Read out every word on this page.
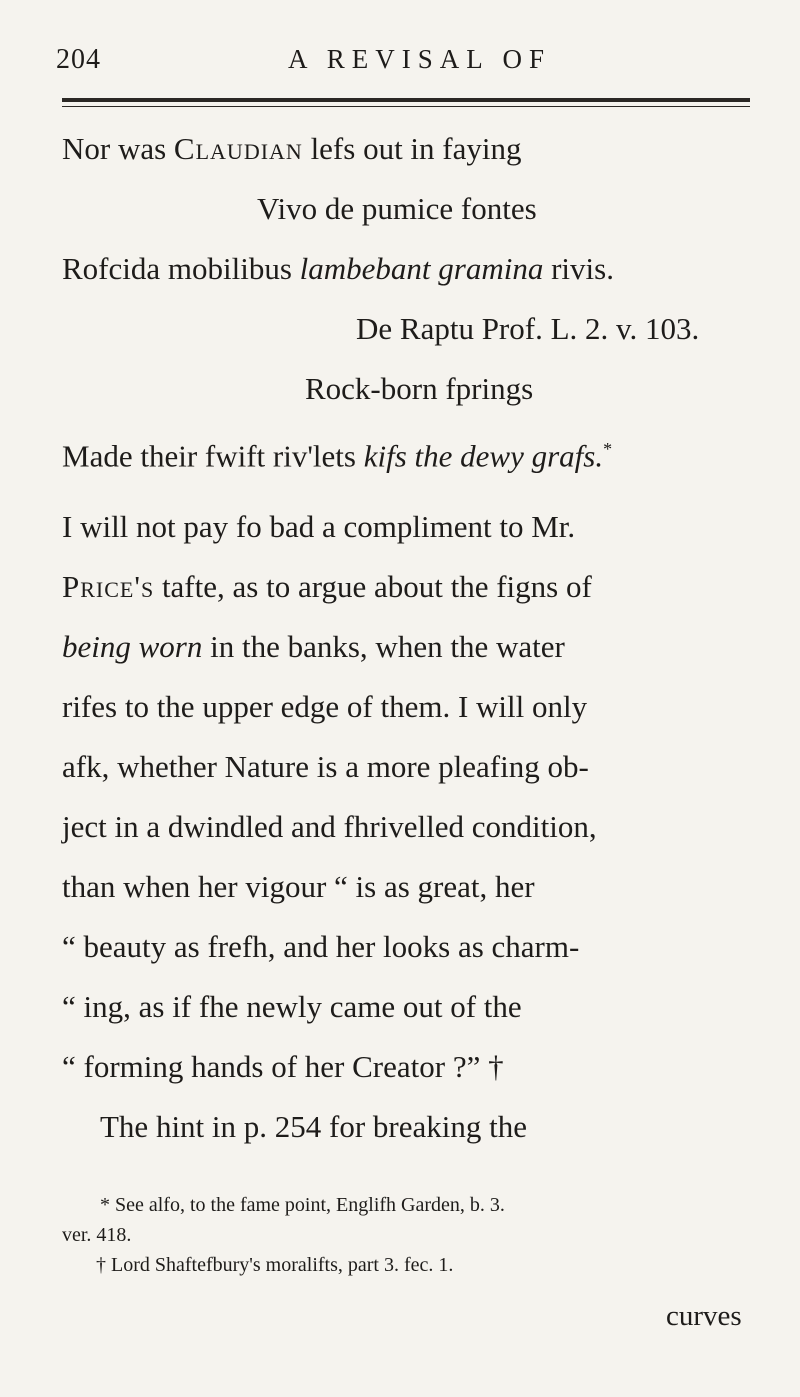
204	A REVISAL OF
Nor was Claudian lefs out in faying
Vivo de pumice fontes
Rofcida mobilibus lambebant gramina rivis.
De Raptu Prof. L. 2. v. 103.
Rock-born fprings
Made their fwift riv'lets kifs the dewy grafs.*
I will not pay fo bad a compliment to Mr.
Price's tafte, as to argue about the figns of
being worn in the banks, when the water
rifes to the upper edge of them. I will only
afk, whether Nature is a more pleafing ob-
ject in a dwindled and fhrivelled condition,
than when her vigour “ is as great, her
“ beauty as frefh, and her looks as charm-
“ ing, as if fhe newly came out of the
“ forming hands of her Creator ?” †
The hint in p. 254 for breaking the
* See alfo, to the fame point, Englifh Garden, b. 3.
ver. 418.
† Lord Shaftefbury's moralifts, part 3. fec. 1.
curves
